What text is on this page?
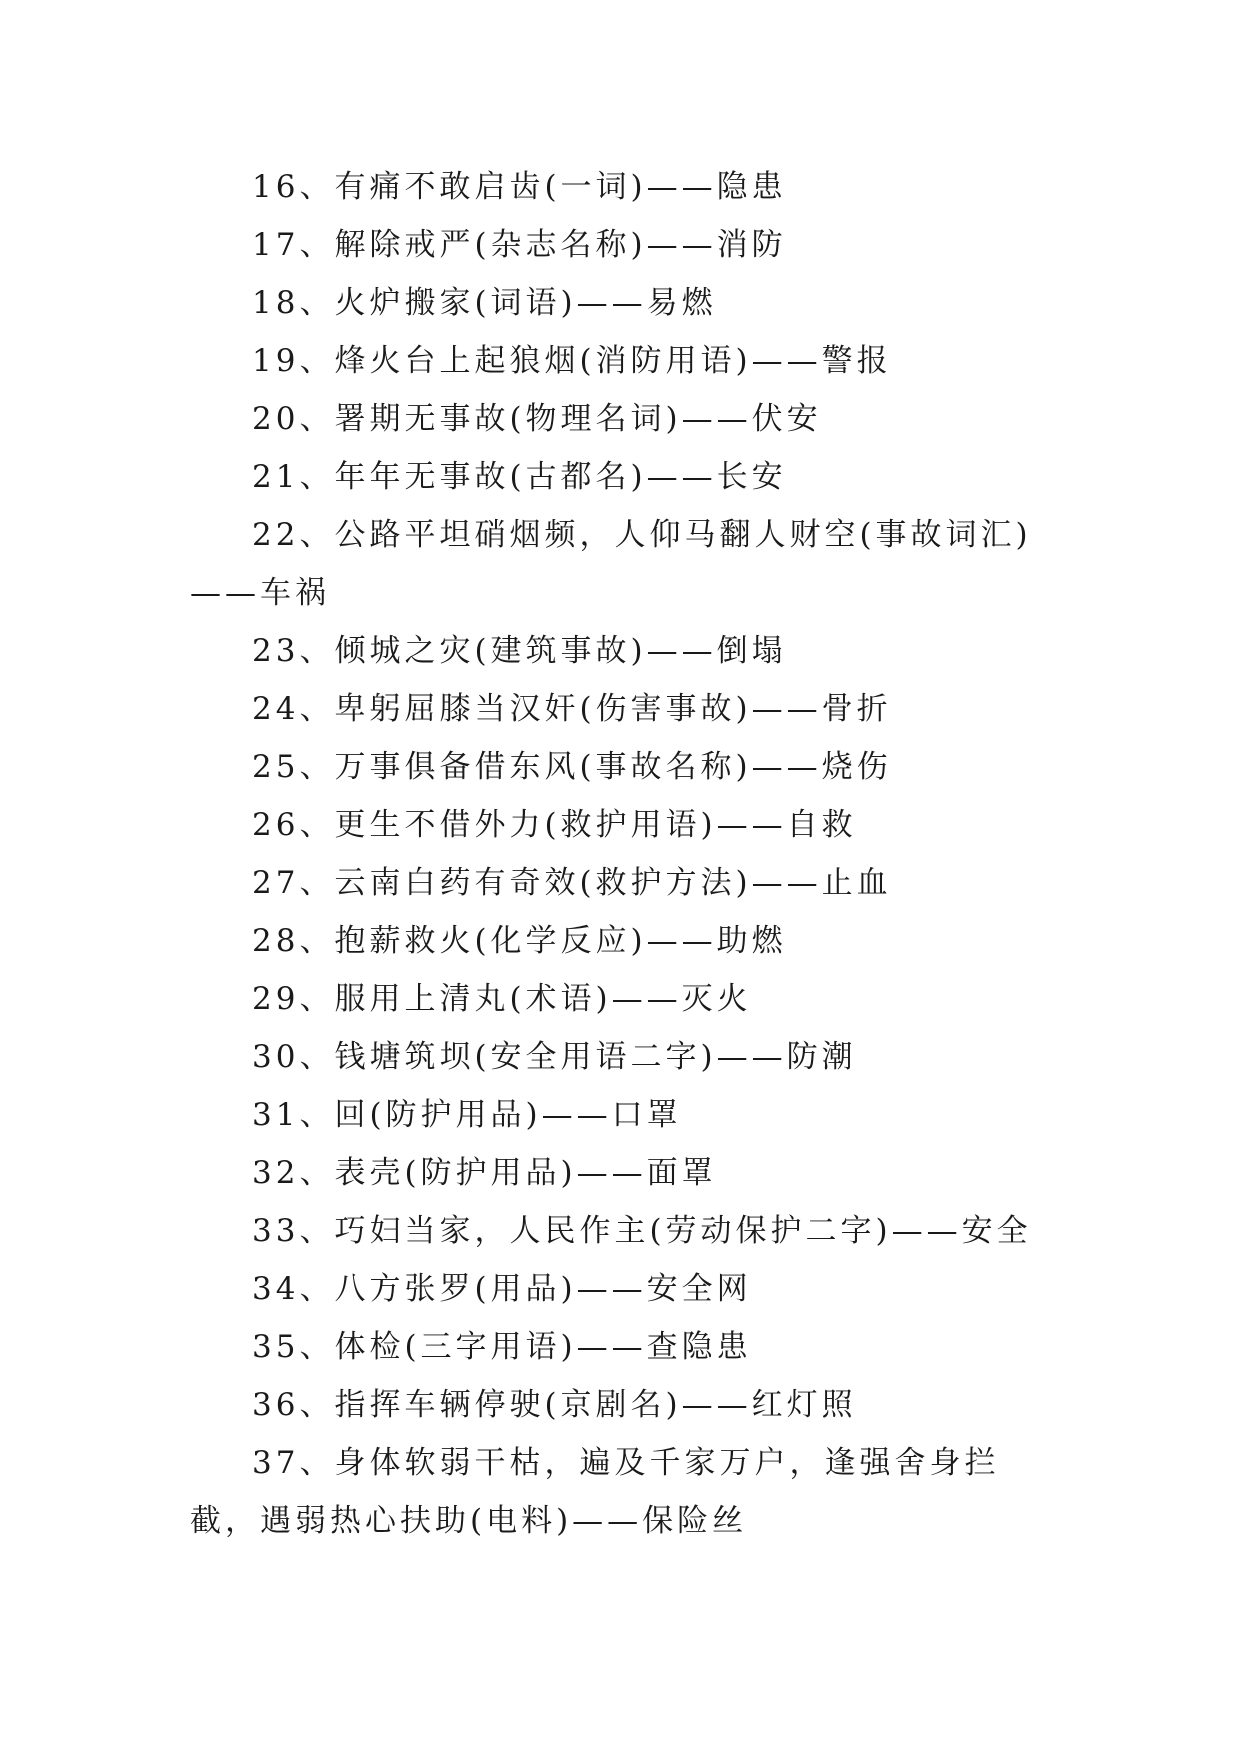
16、有痛不敢启齿(一词)——隐患

17、解除戒严(杂志名称)——消防

18、火炉搬家(词语)——易燃

19、烽火台上起狼烟(消防用语)——警报

20、署期无事故(物理名词)——伏安

21、年年无事故(古都名)——长安

22、公路平坦硝烟频，人仰马翻人财空(事故词汇)——车祸

23、倾城之灾(建筑事故)——倒塌

24、卑躬屈膝当汉奸(伤害事故)——骨折

25、万事俱备借东风(事故名称)——烧伤

26、更生不借外力(救护用语)——自救

27、云南白药有奇效(救护方法)——止血

28、抱薪救火(化学反应)——助燃

29、服用上清丸(术语)——灭火

30、钱塘筑坝(安全用语二字)——防潮

31、回(防护用品)——口罩

32、表壳(防护用品)——面罩

33、巧妇当家，人民作主(劳动保护二字)——安全

34、八方张罗(用品)——安全网

35、体检(三字用语)——查隐患

36、指挥车辆停驶(京剧名)——红灯照

37、身体软弱干枯，遍及千家万户，逢强舍身拦截，遇弱热心扶助(电料)——保险丝
